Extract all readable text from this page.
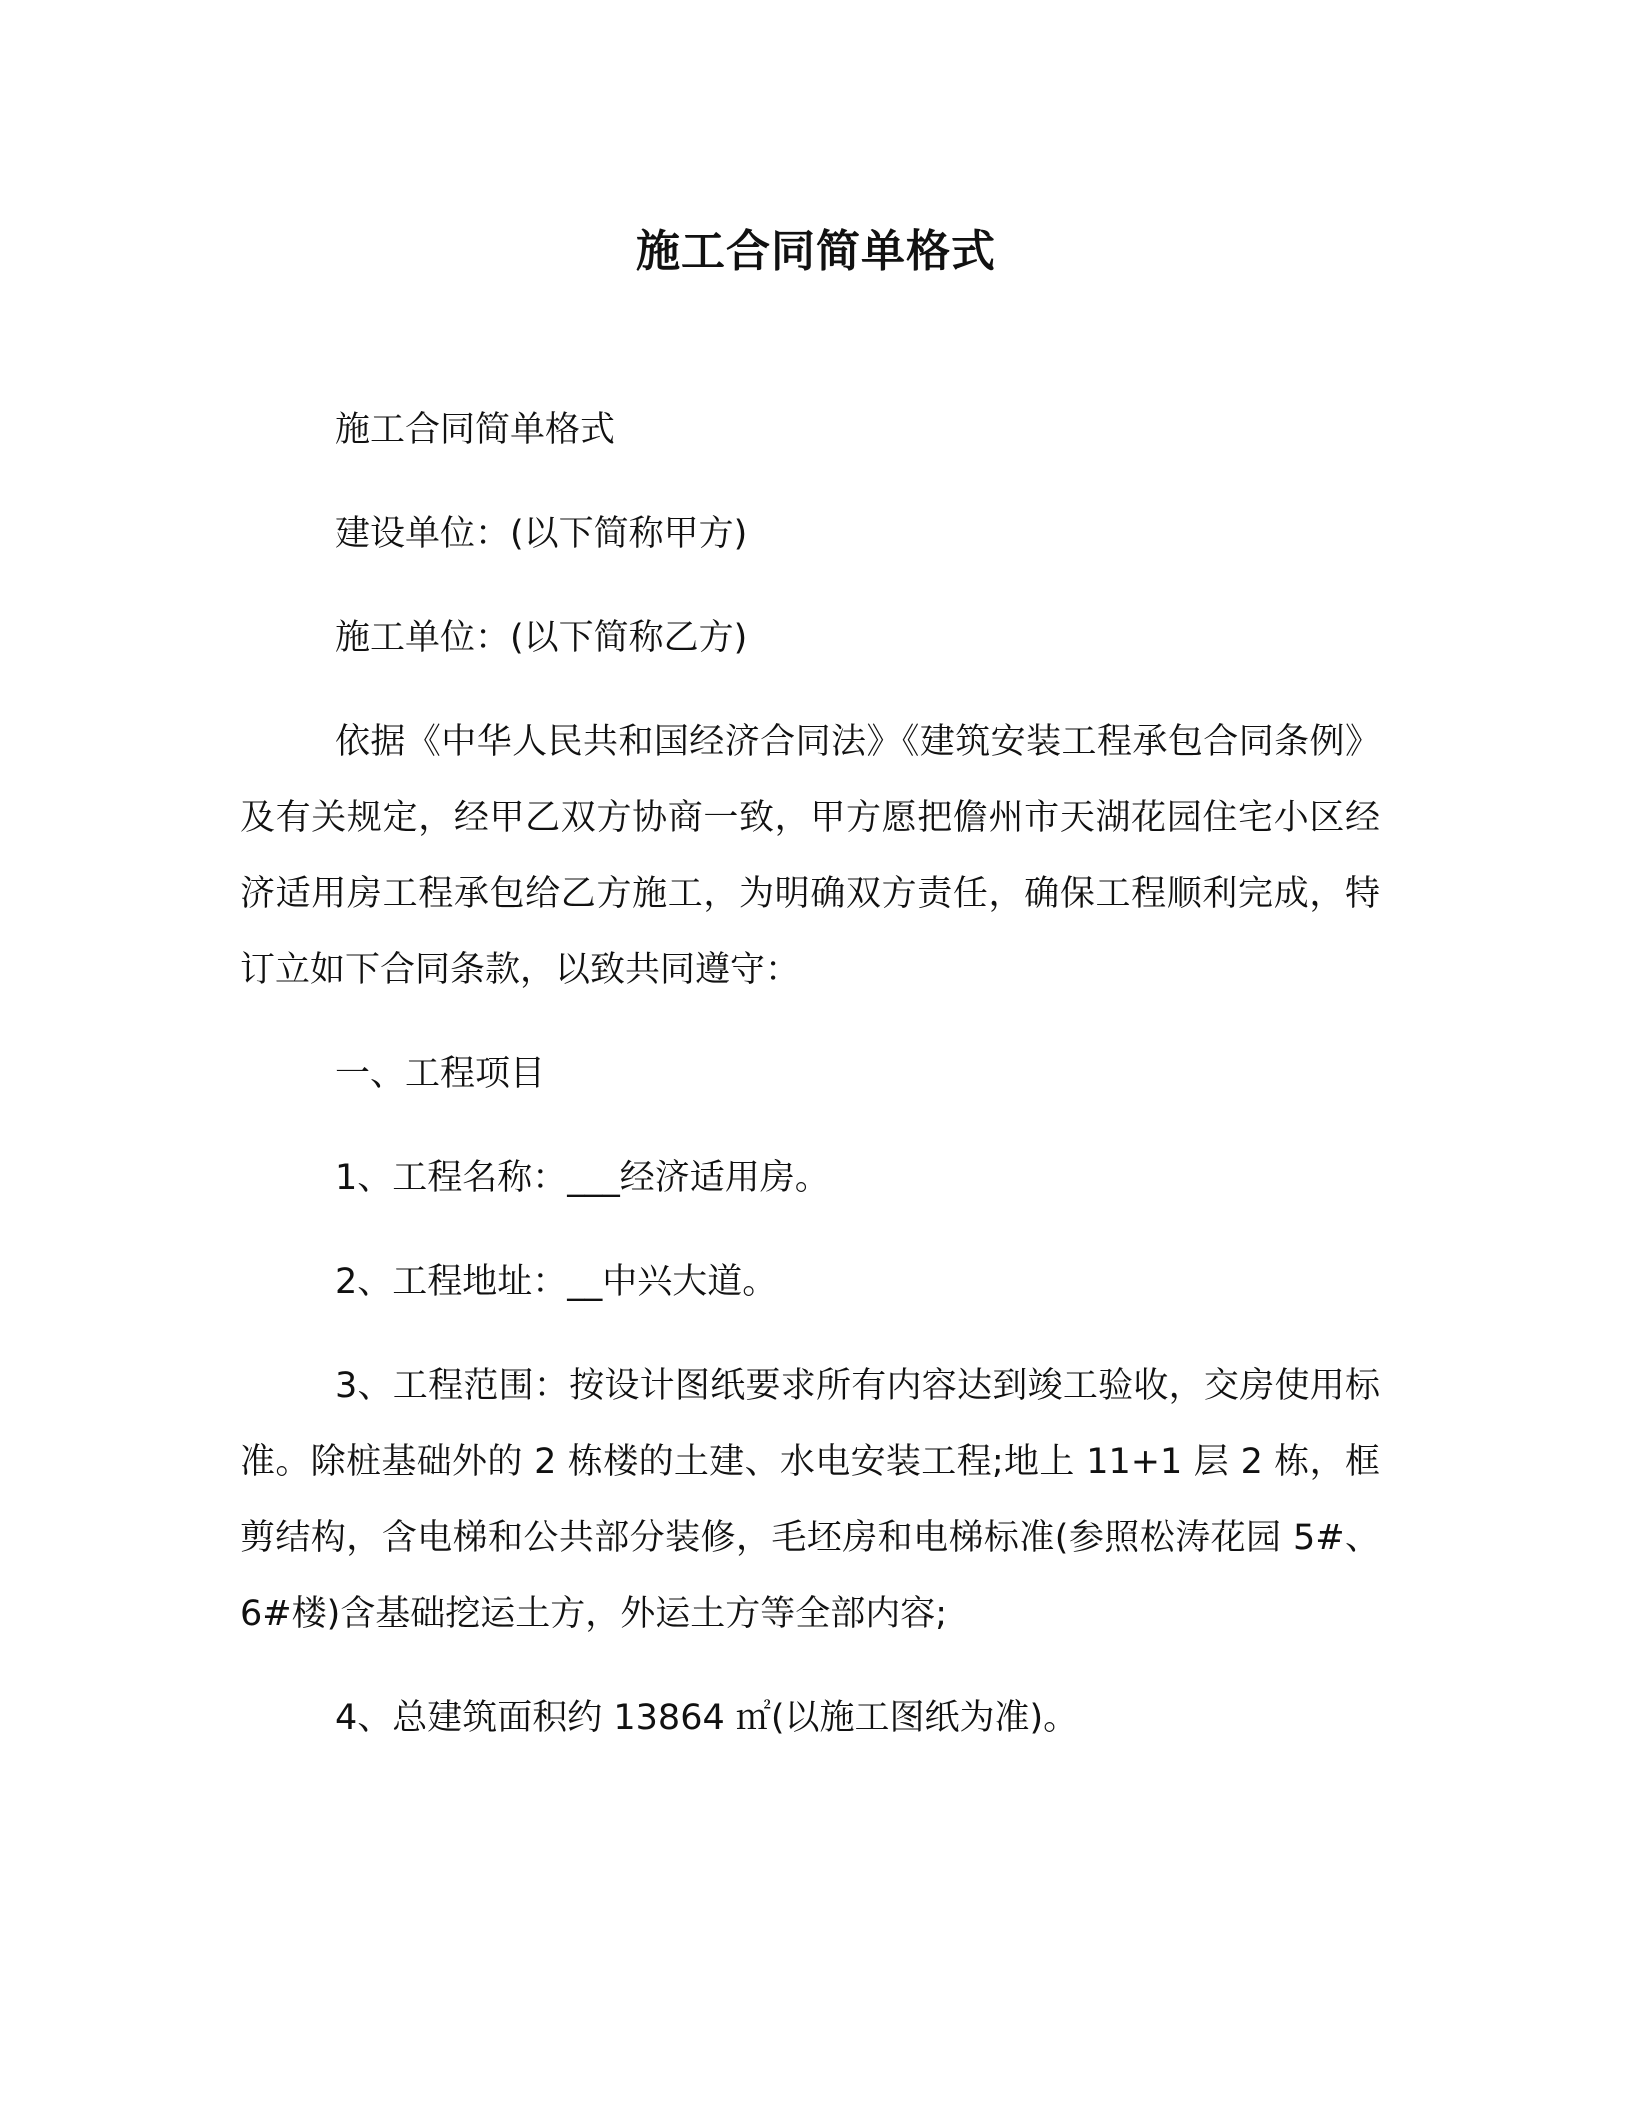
施工合同简单格式

施工合同简单格式

建设单位：(以下简称甲方)

施工单位：(以下简称乙方)

依据《中华人民共和国经济合同法》《建筑安装工程承包合同条例》及有关规定，经甲乙双方协商一致，甲方愿把儋州市天湖花园住宅小区经济适用房工程承包给乙方施工，为明确双方责任，确保工程顺利完成，特订立如下合同条款，以致共同遵守：

一、工程项目

1、工程名称：___经济适用房。

2、工程地址：__中兴大道。

3、工程范围：按设计图纸要求所有内容达到竣工验收，交房使用标准。除桩基础外的 2 栋楼的土建、水电安装工程;地上 11+1 层 2 栋，框剪结构，含电梯和公共部分装修，毛坯房和电梯标准(参照松涛花园 5#、6#楼)含基础挖运土方，外运土方等全部内容;

4、总建筑面积约 13864 ㎡(以施工图纸为准)。
